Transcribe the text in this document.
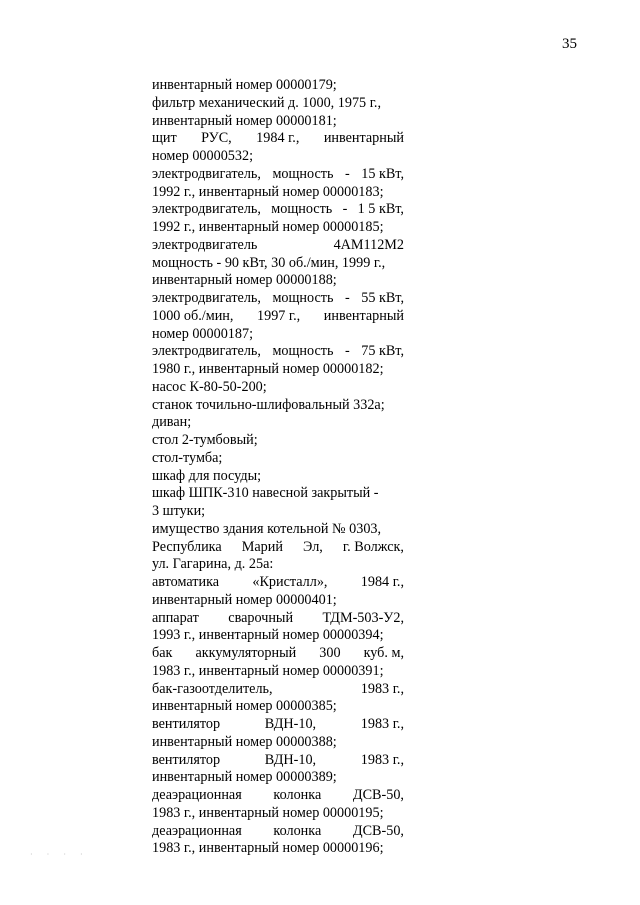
35
инвентарный номер 00000179;
фильтр механический д. 1000, 1975 г.,
инвентарный номер 00000181;
щит РУС, 1984 г., инвентарный
номер 00000532;
электродвигатель, мощность - 15 кВт,
1992 г., инвентарный номер 00000183;
электродвигатель, мощность - 1 5 кВт,
1992 г., инвентарный номер 00000185;
электродвигатель	4АМ112М2
мощность - 90 кВт, 30 об./мин, 1999 г.,
инвентарный номер 00000188;
электродвигатель, мощность - 55 кВт,
1000 об./мин, 1997 г., инвентарный
номер 00000187;
электродвигатель, мощность - 75 кВт,
1980 г., инвентарный номер 00000182;
насос К-80-50-200;
станок точильно-шлифовальный 332а;
диван;
стол 2-тумбовый;
стол-тумба;
шкаф для посуды;
шкаф ШПК-310 навесной закрытый -
3 штуки;
имущество здания котельной № 0303,
Республика Марий Эл, г. Волжск,
ул. Гагарина, д. 25а:
автоматика «Кристалл», 1984 г.,
инвентарный номер 00000401;
аппарат сварочный ТДМ-503-У2,
1993 г., инвентарный номер 00000394;
бак аккумуляторный 300 куб. м,
1983 г., инвентарный номер 00000391;
бак-газоотделитель,	1983 г.,
инвентарный номер 00000385;
вентилятор	ВДН-10,	1983 г.,
инвентарный номер 00000388;
вентилятор	ВДН-10,	1983 г.,
инвентарный номер 00000389;
деаэрационная колонка ДСВ-50,
1983 г., инвентарный номер 00000195;
деаэрационная колонка ДСВ-50,
1983 г., инвентарный номер 00000196;
· · · ·
